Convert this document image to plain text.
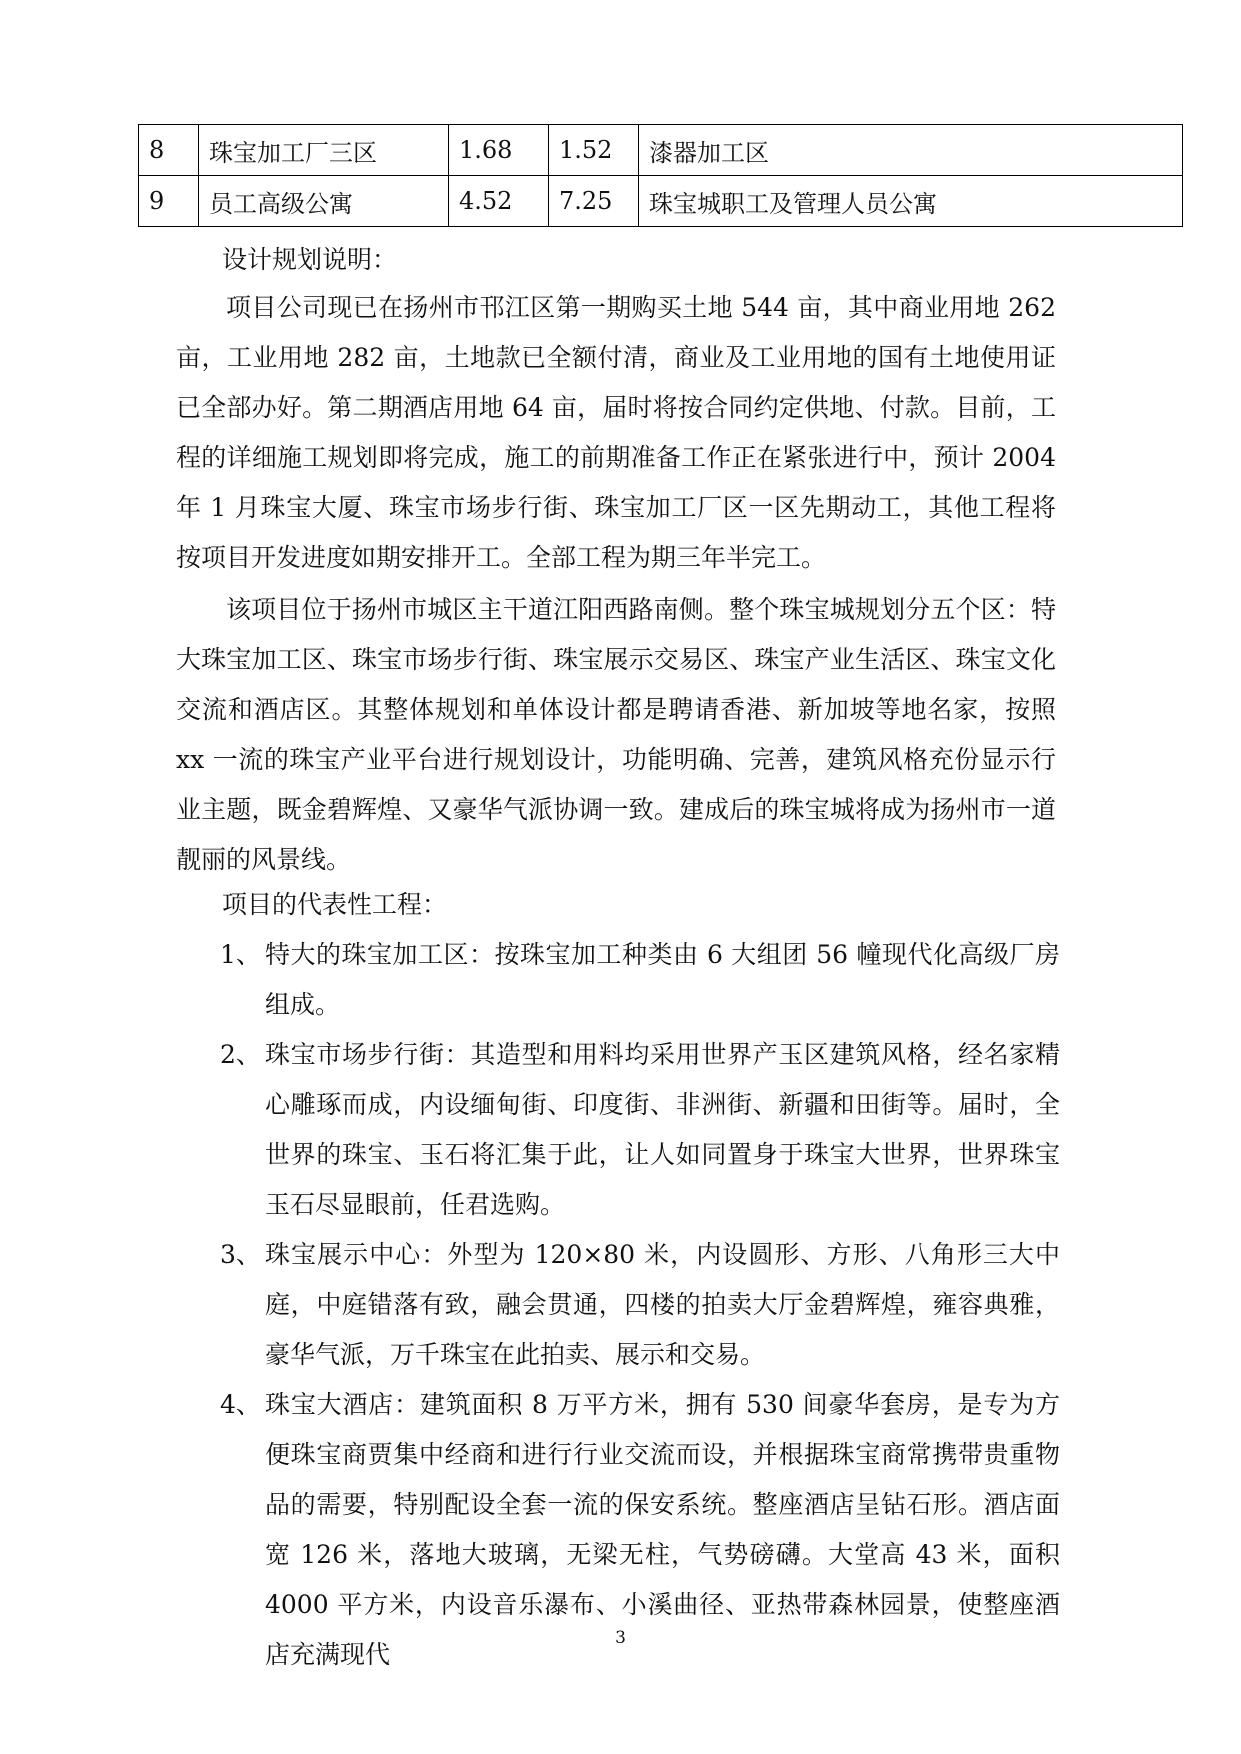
8	珠宝加工厂三区	1.68	1.52	漆器加工区
9	员工高级公寓	4.52	7.25	珠宝城职工及管理人员公寓
设计规划说明：

项目公司现已在扬州市邗江区第一期购买土地 544 亩，其中商业用地 262 亩，工业用地 282 亩，土地款已全额付清，商业及工业用地的国有土地使用证已全部办好。第二期酒店用地 64 亩，届时将按合同约定供地、付款。目前，工程的详细施工规划即将完成，施工的前期准备工作正在紧张进行中，预计 2004 年 1 月珠宝大厦、珠宝市场步行街、珠宝加工厂区一区先期动工，其他工程将按项目开发进度如期安排开工。全部工程为期三年半完工。

该项目位于扬州市城区主干道江阳西路南侧。整个珠宝城规划分五个区：特大珠宝加工区、珠宝市场步行街、珠宝展示交易区、珠宝产业生活区、珠宝文化交流和酒店区。其整体规划和单体设计都是聘请香港、新加坡等地名家，按照 xx 一流的珠宝产业平台进行规划设计，功能明确、完善，建筑风格充份显示行业主题，既金碧辉煌、又豪华气派协调一致。建成后的珠宝城将成为扬州市一道靓丽的风景线。

项目的代表性工程：
1、 特大的珠宝加工区：按珠宝加工种类由 6 大组团 56 幢现代化高级厂房组成。
2、 珠宝市场步行街：其造型和用料均采用世界产玉区建筑风格，经名家精心雕琢而成，内设缅甸街、印度街、非洲街、新疆和田街等。届时，全世界的珠宝、玉石将汇集于此，让人如同置身于珠宝大世界，世界珠宝玉石尽显眼前，任君选购。
3、 珠宝展示中心：外型为 120×80 米，内设圆形、方形、八角形三大中庭，中庭错落有致，融会贯通，四楼的拍卖大厅金碧辉煌，雍容典雅，豪华气派，万千珠宝在此拍卖、展示和交易。
4、 珠宝大酒店：建筑面积 8 万平方米，拥有 530 间豪华套房，是专为方便珠宝商贾集中经商和进行行业交流而设，并根据珠宝商常携带贵重物品的需要，特别配设全套一流的保安系统。整座酒店呈钻石形。酒店面宽 126 米，落地大玻璃，无梁无柱，气势磅礴。大堂高 43 米，面积 4000 平方米，内设音乐瀑布、小溪曲径、亚热带森林园景，使整座酒店充满现代
3
